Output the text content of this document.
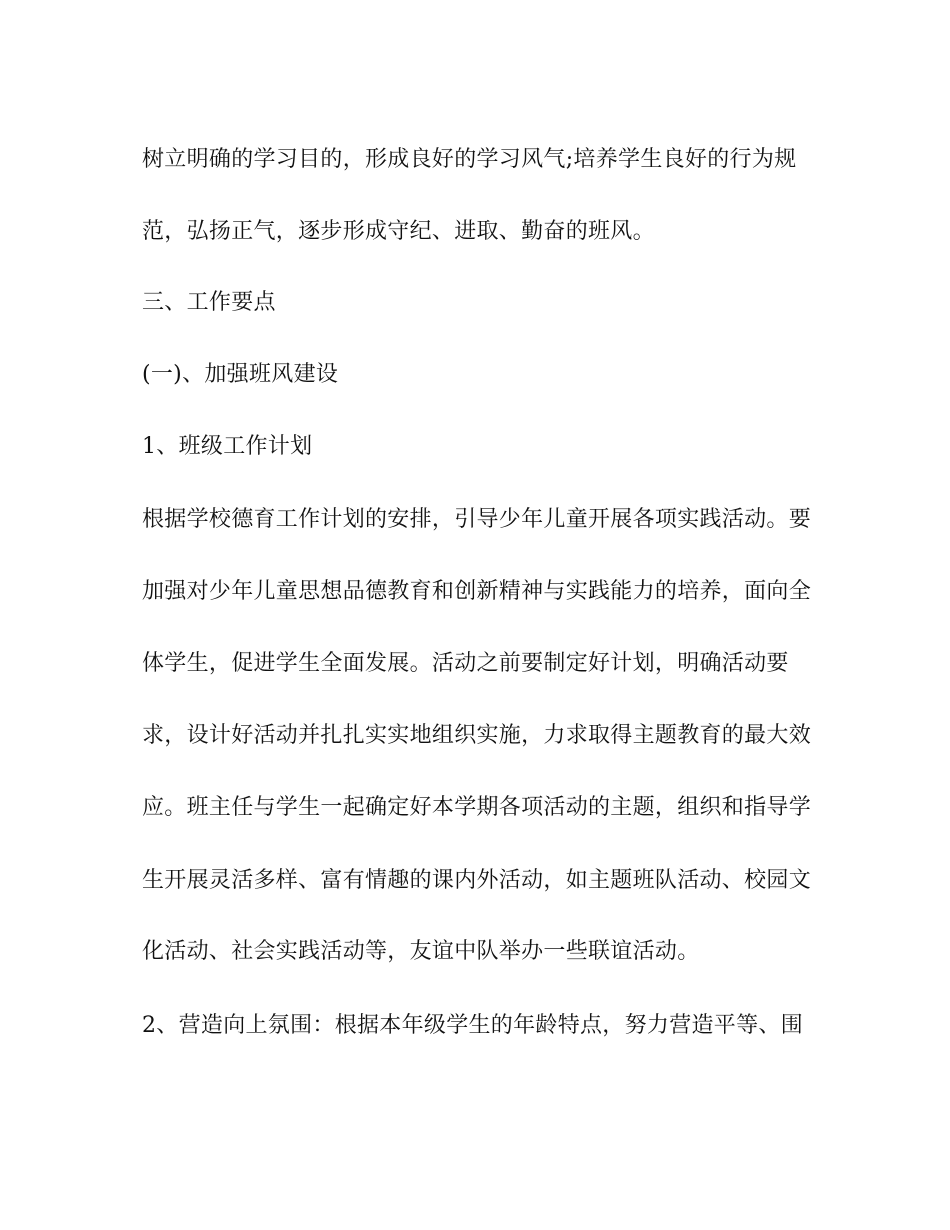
树立明确的学习目的，形成良好的学习风气;培养学生良好的行为规
范，弘扬正气，逐步形成守纪、进取、勤奋的班风。
三、工作要点
(一)、加强班风建设
1、班级工作计划
根据学校德育工作计划的安排，引导少年儿童开展各项实践活动。要
加强对少年儿童思想品德教育和创新精神与实践能力的培养，面向全
体学生，促进学生全面发展。活动之前要制定好计划，明确活动要
求，设计好活动并扎扎实实地组织实施，力求取得主题教育的最大效
应。班主任与学生一起确定好本学期各项活动的主题，组织和指导学
生开展灵活多样、富有情趣的课内外活动，如主题班队活动、校园文
化活动、社会实践活动等，友谊中队举办一些联谊活动。
2、营造向上氛围：根据本年级学生的年龄特点，努力营造平等、围
